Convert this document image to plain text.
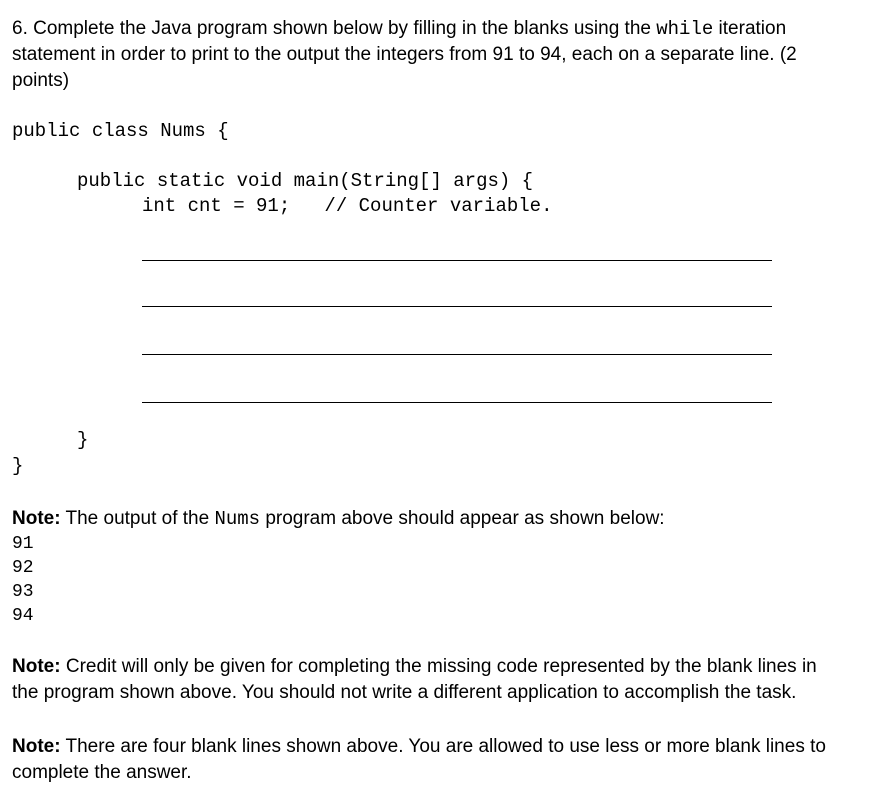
6. Complete the Java program shown below by filling in the blanks using the while iteration
statement in order to print to the output the integers from 91 to 94, each on a separate line. (2
points)
public class Nums {
public static void main(String[] args) {
int cnt = 91;   // Counter variable.
}
}
Note: The output of the Nums program above should appear as shown below:
91
92
93
94
Note: Credit will only be given for completing the missing code represented by the blank lines in
the program shown above. You should not write a different application to accomplish the task.
Note: There are four blank lines shown above. You are allowed to use less or more blank lines to
complete the answer.
